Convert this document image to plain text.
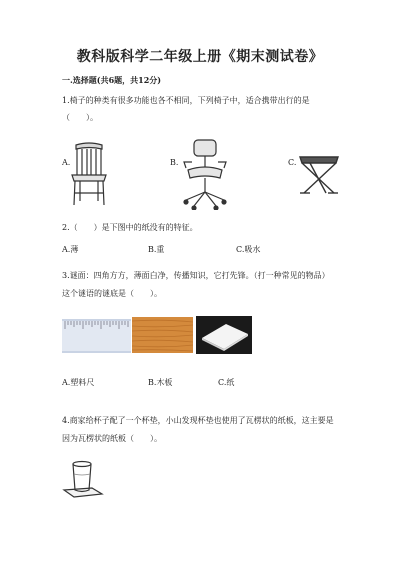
教科版科学二年级上册《期末测试卷》
一.选择题(共6题，共12分)
1.椅子的种类有很多功能也各不相同，下列椅子中，适合携带出行的是
（　　）。
A.	B.	C.
2.（　　）是下图中的纸没有的特征。
A.薄	B.重	C.吸水
3.谜面：四角方方，薄面白净，传播知识，它打先锋。（打一种常见的物品）
这个谜语的谜底是（　　）。
A.塑料尺	B.木板	C.纸
4.商家给杯子配了一个杯垫，小山发现杯垫也使用了瓦楞状的纸板，这主要是
因为瓦楞状的纸板（　　）。
